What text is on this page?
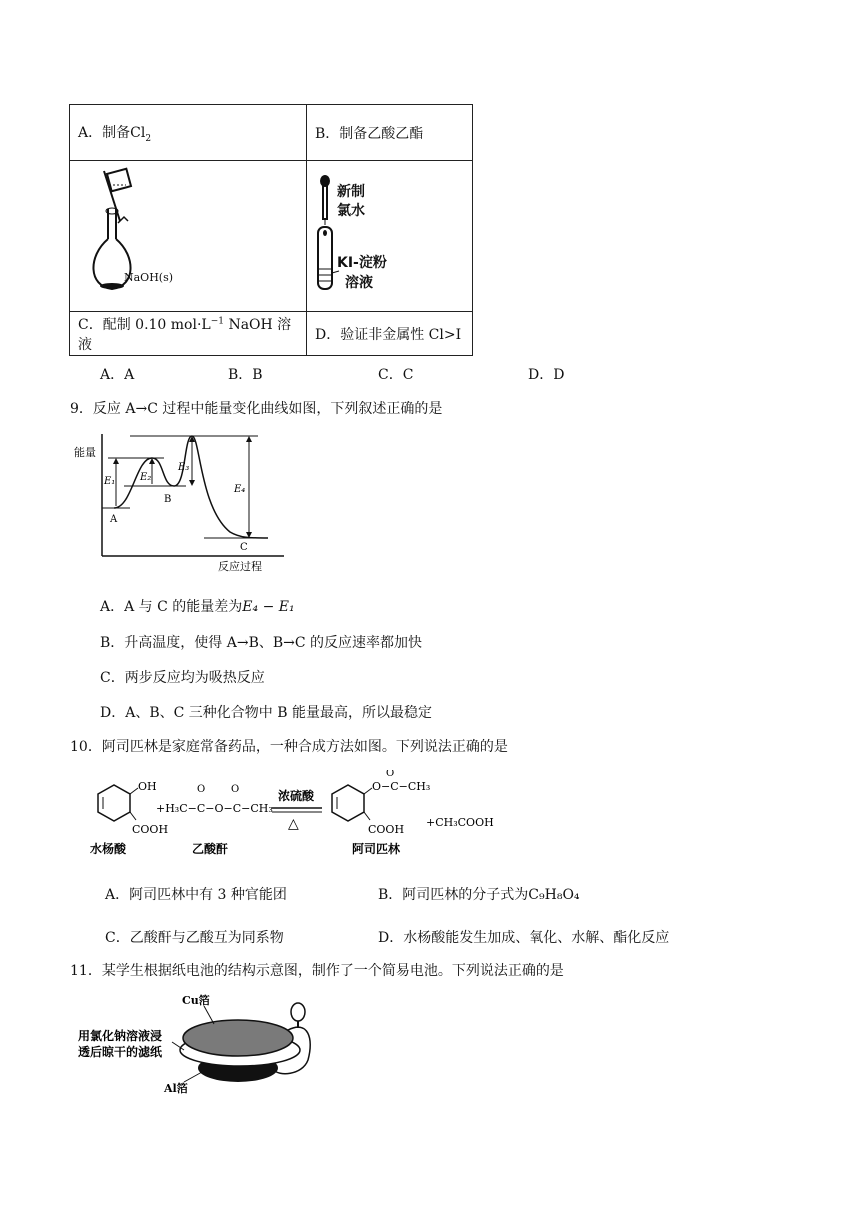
A．制备$Cl_2$	B．制备乙酸乙酯

NaOH(s)	新制
氯水
KI-淀粉
溶液

C．配制 0.10 $mol\cdot L^{-1}$ NaOH 溶液	D．验证非金属性 Cl>I
A．A	B．B	C．C	D．D
9．反应 A→C 过程中能量变化曲线如图，下列叙述正确的是
能量
反应过程
E₁ E₂
E₃
E₄
A
B
C
A．A 与 C 的能量差为E₄ − E₁
B．升高温度，使得 A→B、B→C 的反应速率都加快
C．两步反应均为吸热反应
D．A、B、C 三种化合物中 B 能量最高，所以最稳定
10．阿司匹林是家庭常备药品，一种合成方法如图。下列说法正确的是
OH
COOH
水杨酸
+H₃C−C−O−C−CH₃
O	O
乙酸酐
浓硫酸
△
O−C−CH₃
O
COOH
阿司匹林
+CH₃COOH
A．阿司匹林中有 3 种官能团	B．阿司匹林的分子式为C₉H₈O₄
C．乙酸酐与乙酸互为同系物	D．水杨酸能发生加成、氧化、水解、酯化反应
11．某学生根据纸电池的结构示意图，制作了一个简易电池。下列说法正确的是
Cu箔
用氯化钠溶液浸
透后晾干的滤纸
Al箔
